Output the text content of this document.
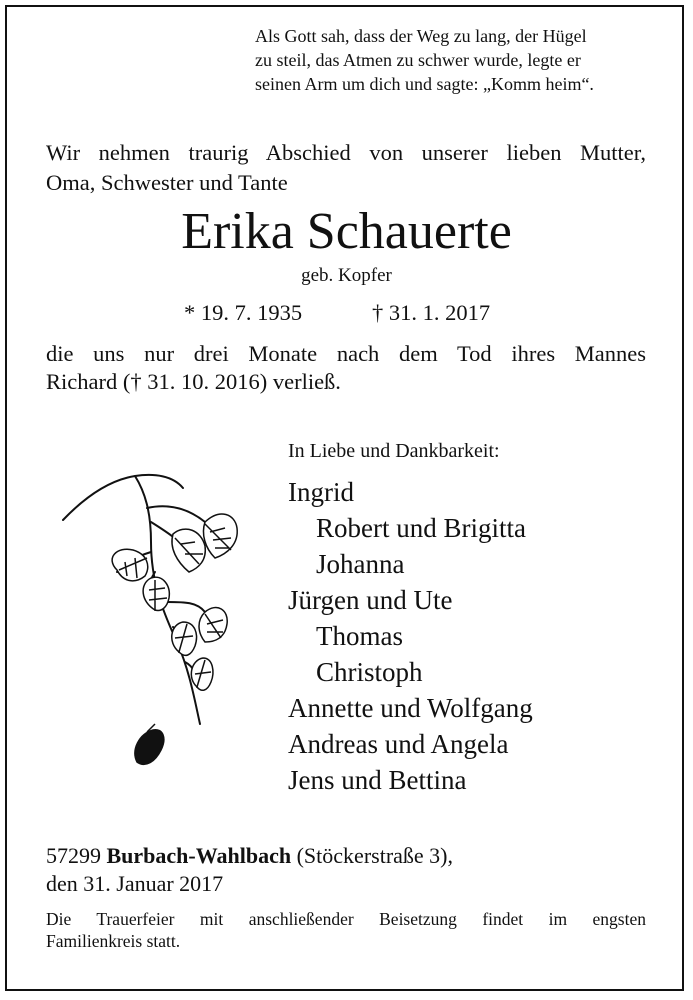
Als Gott sah, dass der Weg zu lang, der Hügel
zu steil, das Atmen zu schwer wurde, legte er
seinen Arm um dich und sagte: „Komm heim“.
Wir nehmen traurig Abschied von unserer lieben Mutter,
Oma, Schwester und Tante
Erika Schauerte
geb. Kopfer
* 19. 7. 1935	† 31. 1. 2017
die uns nur drei Monate nach dem Tod ihres Mannes
Richard († 31. 10. 2016) verließ.
In Liebe und Dankbarkeit:
Ingrid
Robert und Brigitta
Johanna
Jürgen und Ute
Thomas
Christoph
Annette und Wolfgang
Andreas und Angela
Jens und Bettina
57299 Burbach-Wahlbach (Stöckerstraße 3),
den 31. Januar 2017
Die Trauerfeier mit anschließender Beisetzung findet im engsten
Familienkreis statt.
